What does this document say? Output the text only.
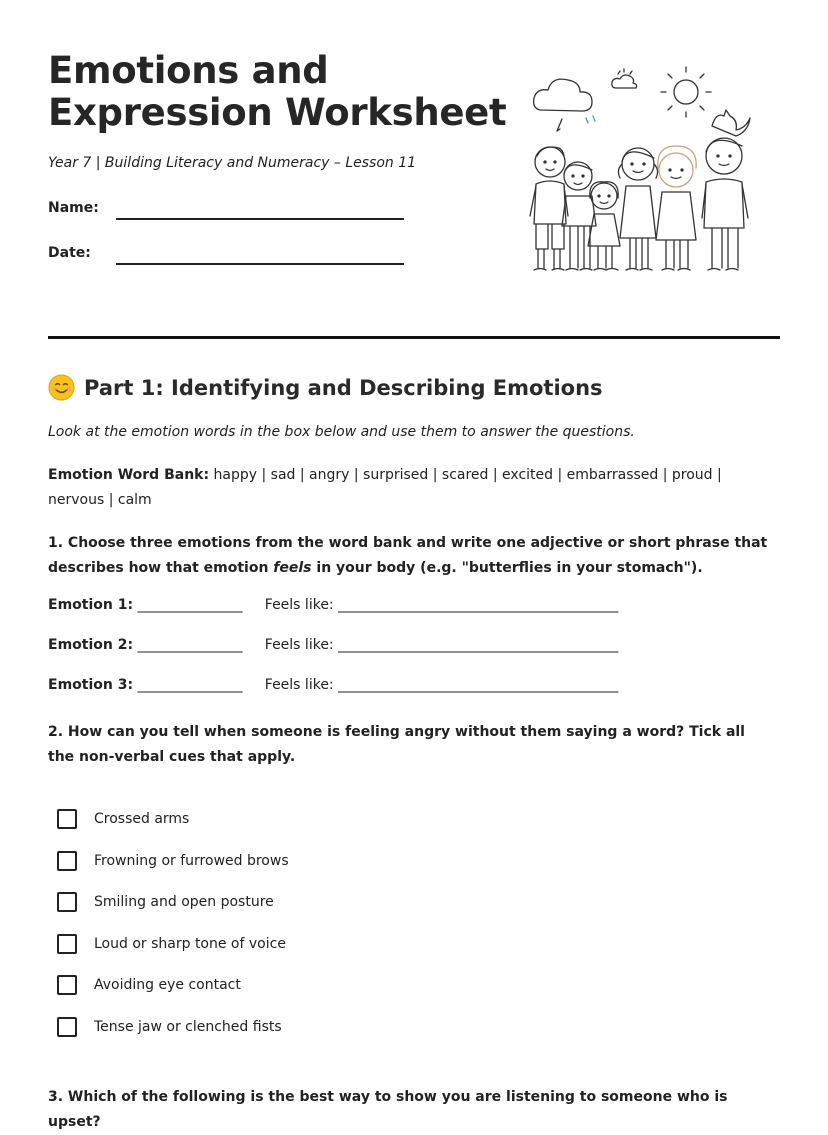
Emotions and
Expression Worksheet
Year 7 | Building Literacy and Numeracy – Lesson 11
Name:
Date:
Part 1: Identifying and Describing Emotions
Look at the emotion words in the box below and use them to answer the questions.
Emotion Word Bank: happy | sad | angry | surprised | scared | excited | embarrassed | proud | nervous | calm
1. Choose three emotions from the word bank and write one adjective or short phrase that describes how that emotion feels in your body (e.g. "butterflies in your stomach").
Emotion 1: _______________ Feels like: ________________________________________
Emotion 2: _______________ Feels like: ________________________________________
Emotion 3: _______________ Feels like: ________________________________________
2. How can you tell when someone is feeling angry without them saying a word? Tick all the non-verbal cues that apply.
Crossed arms
Frowning or furrowed brows
Smiling and open posture
Loud or sharp tone of voice
Avoiding eye contact
Tense jaw or clenched fists
3. Which of the following is the best way to show you are listening to someone who is upset?
